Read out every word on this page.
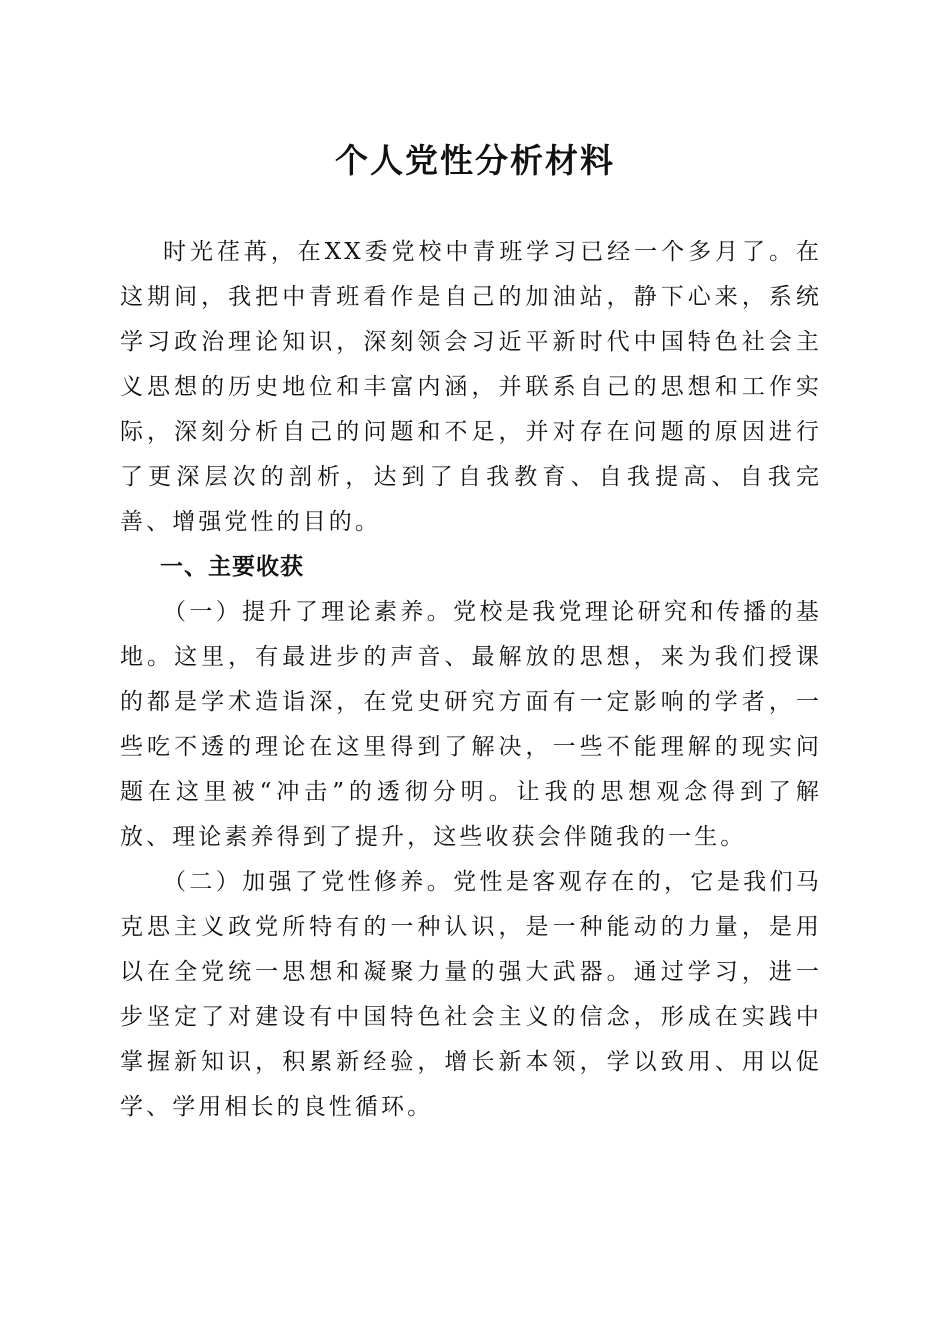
个人党性分析材料

时光荏苒，在XX委党校中青班学习已经一个多月了。在这期间，我把中青班看作是自己的加油站，静下心来，系统学习政治理论知识，深刻领会习近平新时代中国特色社会主义思想的历史地位和丰富内涵，并联系自己的思想和工作实际，深刻分析自己的问题和不足，并对存在问题的原因进行了更深层次的剖析，达到了自我教育、自我提高、自我完善、增强党性的目的。

一、主要收获

（一）提升了理论素养。党校是我党理论研究和传播的基地。这里，有最进步的声音、最解放的思想，来为我们授课的都是学术造诣深，在党史研究方面有一定影响的学者，一些吃不透的理论在这里得到了解决，一些不能理解的现实问题在这里被“冲击”的透彻分明。让我的思想观念得到了解放、理论素养得到了提升，这些收获会伴随我的一生。

（二）加强了党性修养。党性是客观存在的，它是我们马克思主义政党所特有的一种认识，是一种能动的力量，是用以在全党统一思想和凝聚力量的强大武器。通过学习，进一步坚定了对建设有中国特色社会主义的信念，形成在实践中掌握新知识，积累新经验，增长新本领，学以致用、用以促学、学用相长的良性循环。
